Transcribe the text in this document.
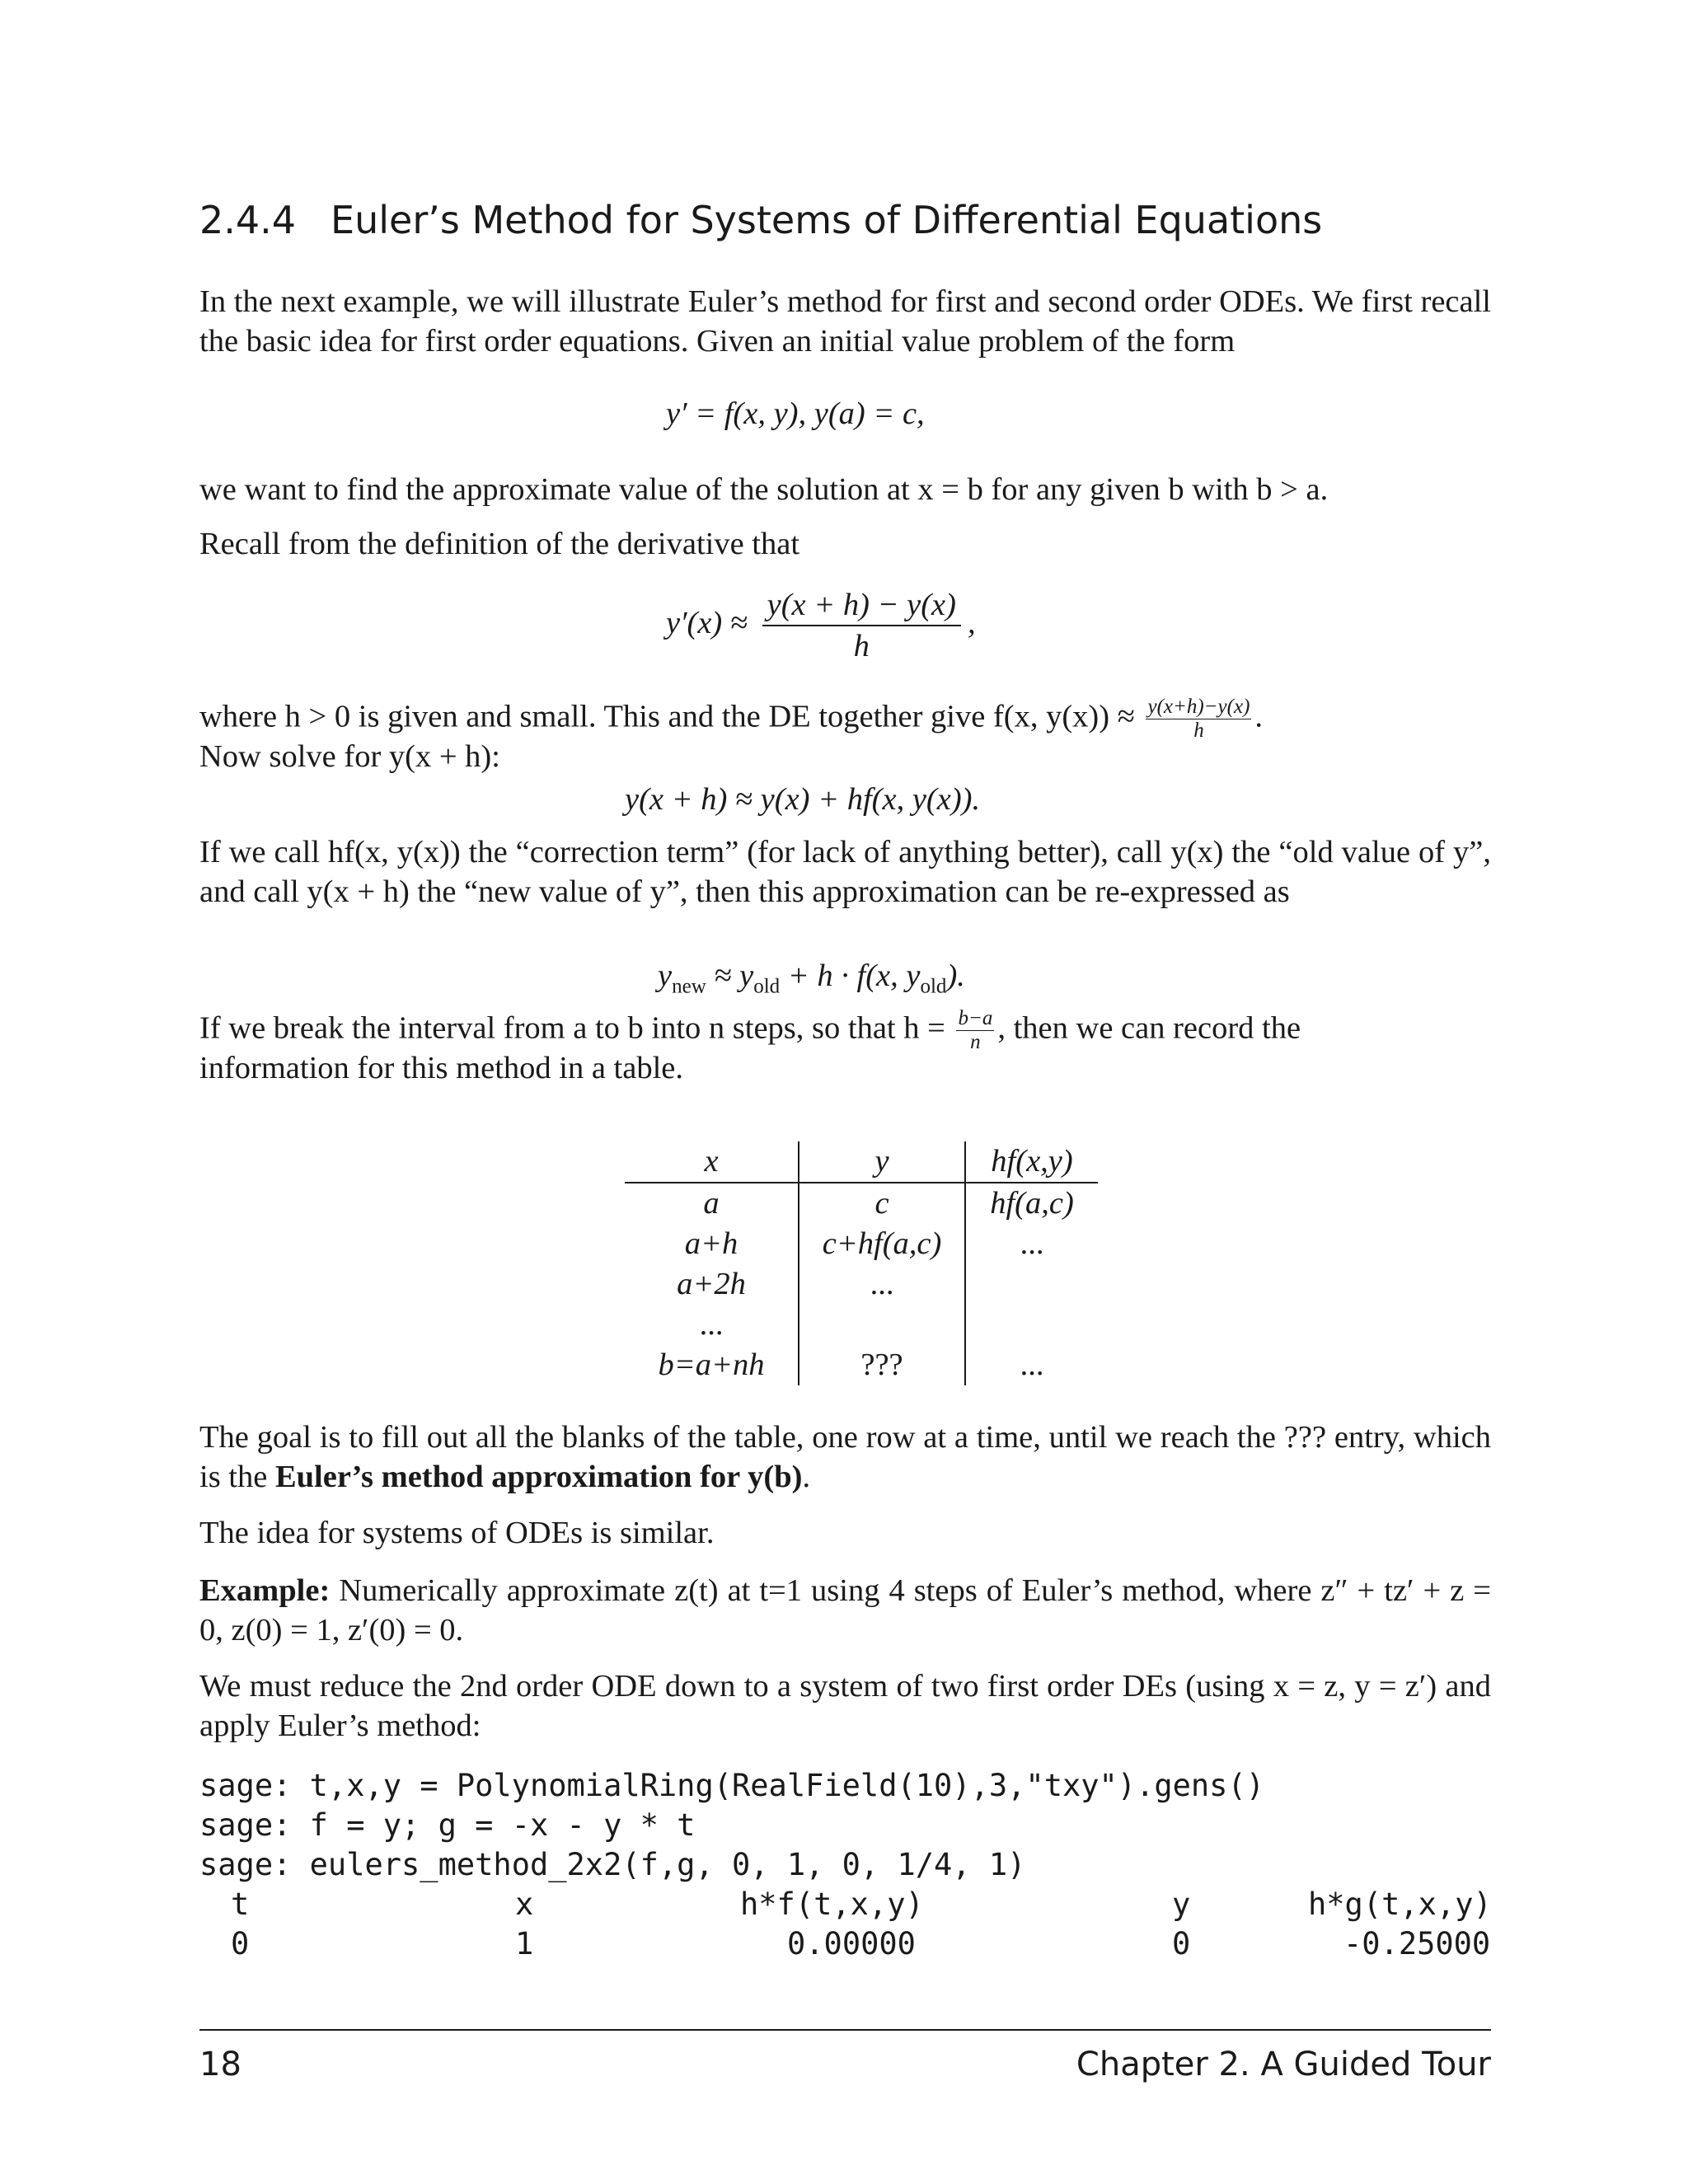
2.4.4 Euler’s Method for Systems of Differential Equations
In the next example, we will illustrate Euler’s method for first and second order ODEs. We first recall the basic idea for first order equations. Given an initial value problem of the form
y′ = f(x, y), y(a) = c,
we want to find the approximate value of the solution at x = b for any given b with b > a.
Recall from the definition of the derivative that
$y'(x) \approx \frac{y(x + h) - y(x)}{h}$ ,
where h > 0 is given and small. This and the DE together give f(x, $y(x)) \approx \frac{y(x+h)-y(x)}{h}$ .
Now solve for y(x + h):
y(x + h) ≈ y(x) + hf(x, y(x)).
If we call hf(x, y(x)) the “correction term” (for lack of anything better), call y(x) the “old value of y”, and call y(x + h) the “new value of y”, then this approximation can be re-expressed as
$y_{new} \approx y_{old} + h \cdot f(x$, $y_{old}$).
If we break the interval from a to b into n steps, so that $h = \frac{b-a}{n}$ , then we can record the
information for this method in a table.
x	y	hf(x,y)
a	c	hf(a,c)
a+h	c+hf(a,c)	...
a+2h	...	
...		
b=a+nh	???	...
The goal is to fill out all the blanks of the table, one row at a time, until we reach the ??? entry, which is the Euler’s method approximation for y(b).
The idea for systems of ODEs is similar.
Example: Numerically approximate z(t) at t=1 using 4 steps of Euler’s method, where z″ + tz′ + z = 0, z(0) = 1, z′(0) = 0.
We must reduce the 2nd order ODE down to a system of two first order DEs (using x = z, y = z′) and apply Euler’s method:
sage: t,x,y = PolynomialRing(RealField(10),3,"txy").gens()
sage: f = y; g = -x - y * t
sage: eulers_method_2x2(f,g, 0, 1, 0, 1/4, 1)
t	x	h*f(t,x,y)	y	h*g(t,x,y)
0	1	0.00000	0	-0.25000
18	Chapter 2. A Guided Tour
